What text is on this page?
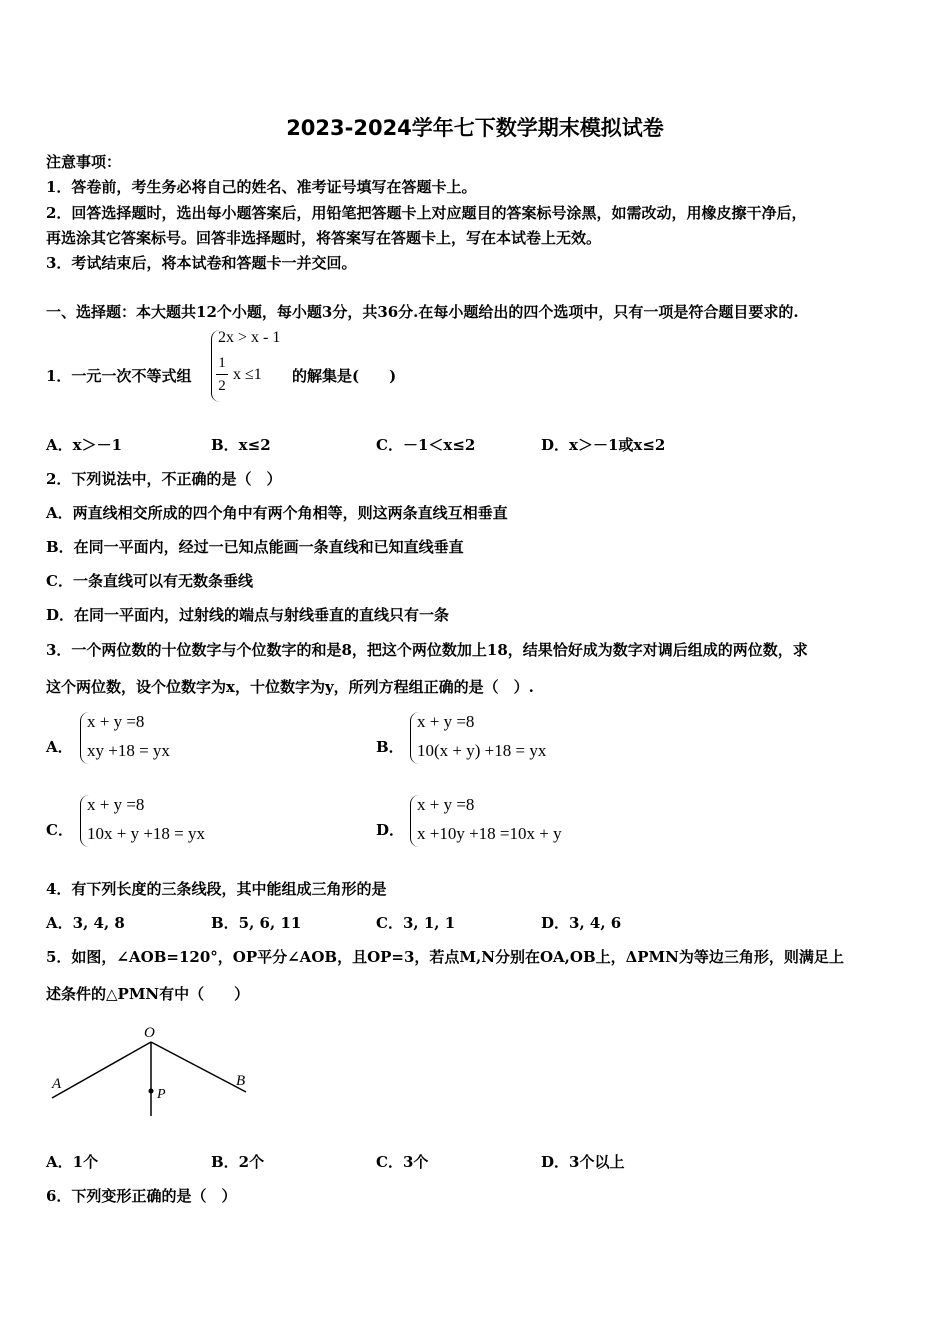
2023-2024学年七下数学期末模拟试卷
注意事项：
1．答卷前，考生务必将自己的姓名、准考证号填写在答题卡上。
2．回答选择题时，选出每小题答案后，用铅笔把答题卡上对应题目的答案标号涂黑，如需改动，用橡皮擦干净后，
再选涂其它答案标号。回答非选择题时，将答案写在答题卡上，写在本试卷上无效。
3．考试结束后，将本试卷和答题卡一并交回。
一、选择题：本大题共12个小题，每小题3分，共36分.在每小题给出的四个选项中，只有一项是符合题目要求的.
1．一元一次不等式组
2x > x - 1
1
2
x ≤1 的解集是(　　)
A．x＞－1	B．x≤2	C．－1＜x≤2	D．x＞－1或x≤2
2．下列说法中，不正确的是（　）
A．两直线相交所成的四个角中有两个角相等，则这两条直线互相垂直
B．在同一平面内，经过一已知点能画一条直线和已知直线垂直
C．一条直线可以有无数条垂线
D．在同一平面内，过射线的端点与射线垂直的直线只有一条
3．一个两位数的十位数字与个位数字的和是8，把这个两位数加上18，结果恰好成为数字对调后组成的两位数，求
这个两位数，设个位数字为x，十位数字为y，所列方程组正确的是（　）.
A．
x + y =8
xy +18 = yx	B．
x + y =8
10(x + y) +18 = yx
C．
x + y =8
10x + y +18 = yx	D．
x + y =8
x +10y +18 =10x + y
4．有下列长度的三条线段，其中能组成三角形的是
A．3, 4, 8	B．5, 6, 11	C．3, 1, 1	D．3, 4, 6
5．如图，∠AOB=120°，OP平分∠AOB，且OP=3，若点M,N分别在OA,OB上，ΔPMN为等边三角形，则满足上
述条件的△PMN有中（　　）
O
A	B
P
A．1个	B．2个	C．3个	D．3个以上
6．下列变形正确的是（　）
